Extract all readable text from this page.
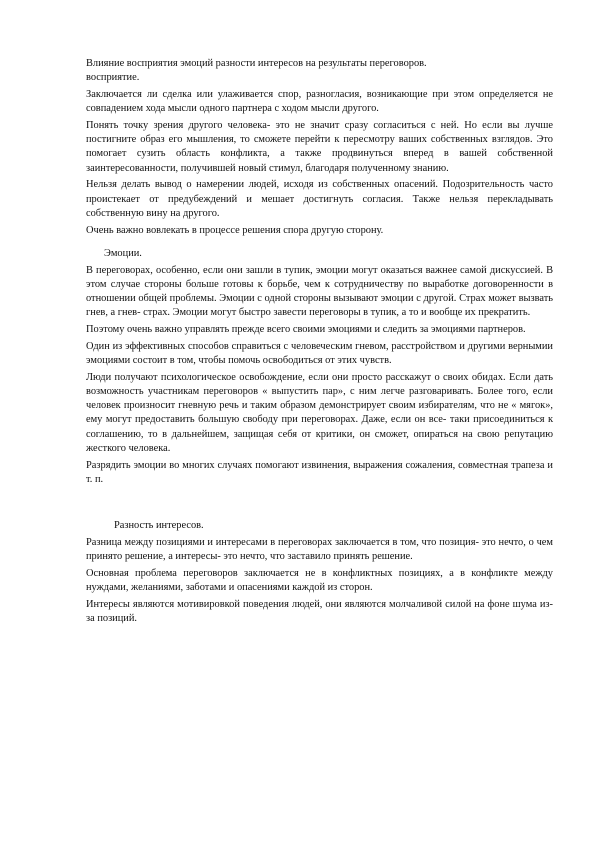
Влияние восприятия эмоций разности интересов на результаты переговоров.

восприятие.

Заключается ли сделка или улаживается спор, разногласия, возникающие при этом определяется не совпадением хода мысли одного партнера с ходом мысли другого.

Понять точку зрения другого человека- это не значит сразу согласиться с ней. Но если вы лучше постигните образ его мышления, то сможете перейти к пересмотру ваших собственных взглядов. Это помогает сузить область конфликта, а также продвинуться вперед в вашей собственной заинтересованности, получившей новый стимул, благодаря полученному знанию.

Нельзя делать вывод о намерении людей, исходя из собственных опасений. Подозрительность часто проистекает от предубеждений и мешает достигнуть согласия. Также нельзя перекладывать собственную вину на другого.

Очень важно вовлекать в процессе решения спора другую сторону.

Эмоции.

В переговорах, особенно, если они зашли в тупик, эмоции могут оказаться важнее самой дискуссией. В этом случае стороны больше готовы к борьбе, чем к сотрудничеству по выработке договоренности в отношении общей проблемы. Эмоции с одной стороны вызывают эмоции с другой. Страх может вызвать гнев, а гнев- страх. Эмоции могут быстро завести переговоры в тупик, а то и вообще их прекратить.

Поэтому очень важно управлять прежде всего своими эмоциями и следить за эмоциями партнеров.

Один из эффективных способов справиться с человеческим гневом, расстройством и другими вернымии эмоциями состоит в том, чтобы помочь освободиться от этих чувств.

Люди получают психологическое освобождение, если они просто расскажут о своих обидах. Если дать возможность участникам переговоров « выпустить пар», с ним легче разговаривать. Более того, если человек произносит гневную речь и таким образом демонстрирует своим избирателям, что не « мягок», ему могут предоставить большую свободу при переговорах. Даже, если он все- таки присоединиться к соглашению, то в дальнейшем, защищая себя от критики, он сможет, опираться на свою репутацию жесткого человека.

Разрядить эмоции во многих случаях помогают извинения, выражения сожаления, совместная трапеза и т. п.

Разность интересов.

Разница между позициями и интересами в переговорах заключается в том, что позиция- это нечто, о чем принято решение, а интересы- это нечто, что заставило принять решение.

Основная проблема переговоров заключается не в конфликтных позициях, а в конфликте между нуждами, желаниями, заботами и опасениями каждой из сторон.

Интересы являются мотивировкой поведения людей, они являются молчаливой силой на фоне шума из-за позиций.
